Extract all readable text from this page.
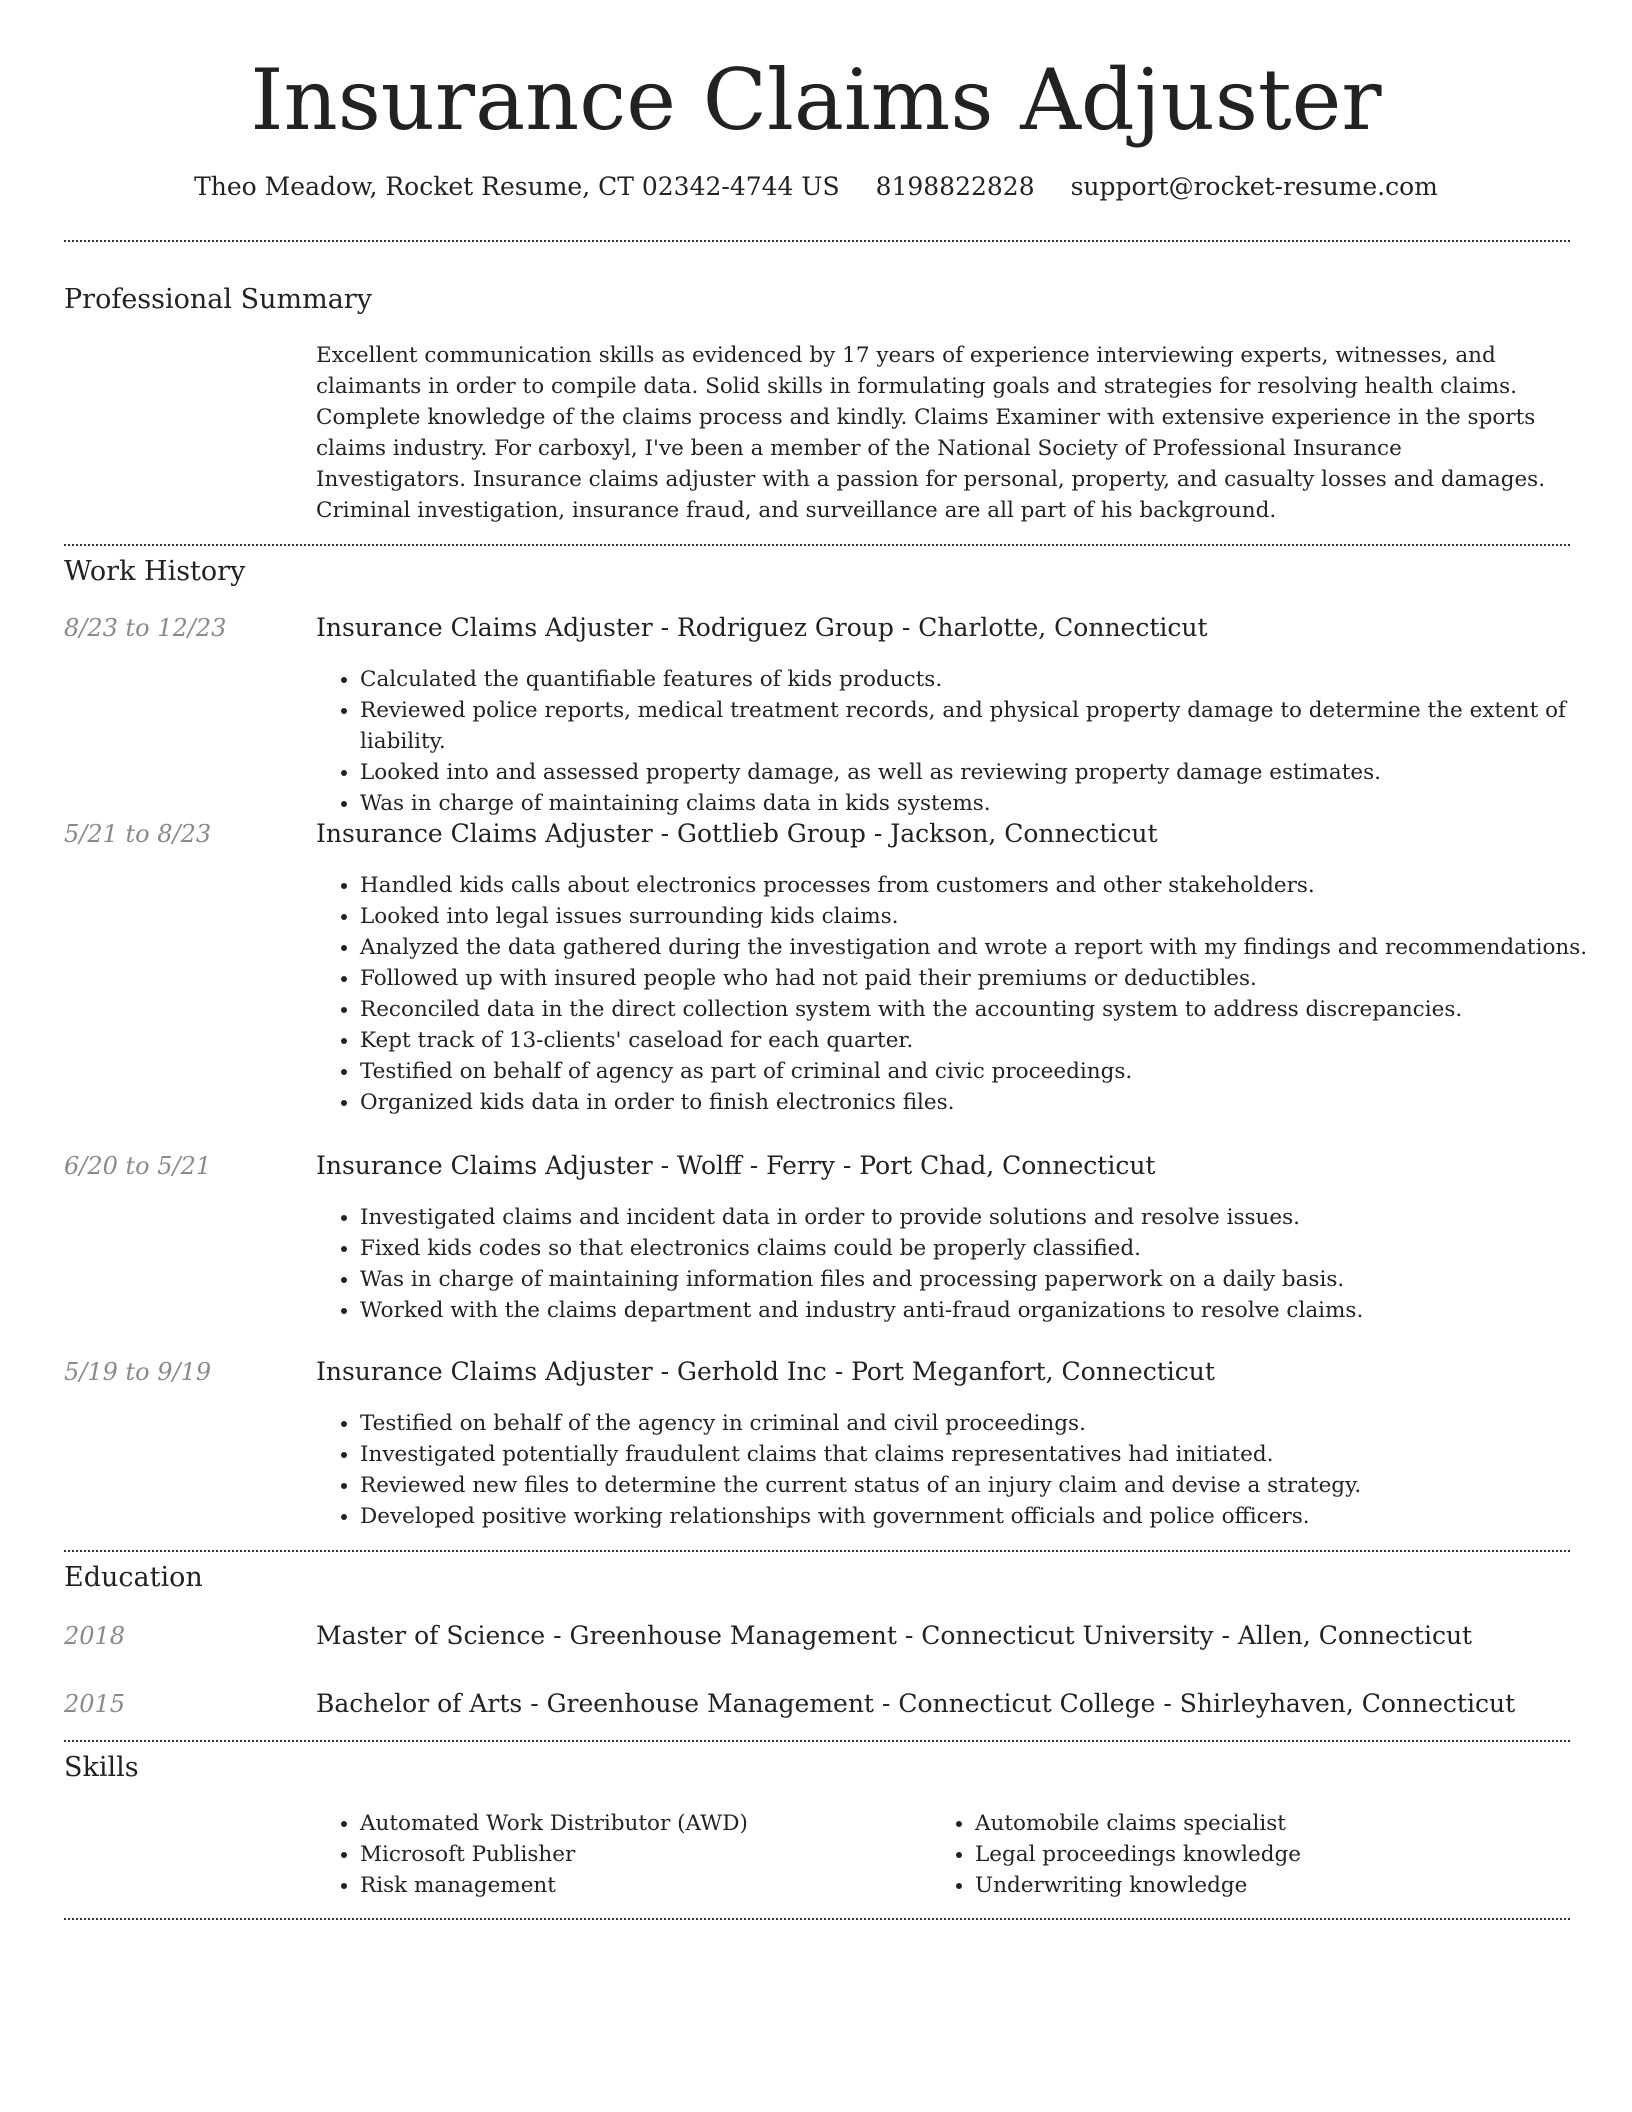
Insurance Claims Adjuster
Theo Meadow, Rocket Resume, CT 02342-4744 US 8198822828 support@rocket-resume.com
Professional Summary
Excellent communication skills as evidenced by 17 years of experience interviewing experts, witnesses, and claimants in order to compile data. Solid skills in formulating goals and strategies for resolving health claims. Complete knowledge of the claims process and kindly. Claims Examiner with extensive experience in the sports claims industry. For carboxyl, I've been a member of the National Society of Professional Insurance Investigators. Insurance claims adjuster with a passion for personal, property, and casualty losses and damages. Criminal investigation, insurance fraud, and surveillance are all part of his background.
Work History
8/23 to 12/23	Insurance Claims Adjuster - Rodriguez Group - Charlotte, Connecticut
• Calculated the quantifiable features of kids products.
• Reviewed police reports, medical treatment records, and physical property damage to determine the extent of liability.
• Looked into and assessed property damage, as well as reviewing property damage estimates.
• Was in charge of maintaining claims data in kids systems.
5/21 to 8/23	Insurance Claims Adjuster - Gottlieb Group - Jackson, Connecticut
• Handled kids calls about electronics processes from customers and other stakeholders.
• Looked into legal issues surrounding kids claims.
• Analyzed the data gathered during the investigation and wrote a report with my findings and recommendations.
• Followed up with insured people who had not paid their premiums or deductibles.
• Reconciled data in the direct collection system with the accounting system to address discrepancies.
• Kept track of 13-clients' caseload for each quarter.
• Testified on behalf of agency as part of criminal and civic proceedings.
• Organized kids data in order to finish electronics files.
6/20 to 5/21	Insurance Claims Adjuster - Wolff - Ferry - Port Chad, Connecticut
• Investigated claims and incident data in order to provide solutions and resolve issues.
• Fixed kids codes so that electronics claims could be properly classified.
• Was in charge of maintaining information files and processing paperwork on a daily basis.
• Worked with the claims department and industry anti-fraud organizations to resolve claims.
5/19 to 9/19	Insurance Claims Adjuster - Gerhold Inc - Port Meganfort, Connecticut
• Testified on behalf of the agency in criminal and civil proceedings.
• Investigated potentially fraudulent claims that claims representatives had initiated.
• Reviewed new files to determine the current status of an injury claim and devise a strategy.
• Developed positive working relationships with government officials and police officers.
Education
2018	Master of Science - Greenhouse Management - Connecticut University - Allen, Connecticut
2015	Bachelor of Arts - Greenhouse Management - Connecticut College - Shirleyhaven, Connecticut
Skills
• Automated Work Distributor (AWD)
• Microsoft Publisher
• Risk management
• Automobile claims specialist
• Legal proceedings knowledge
• Underwriting knowledge
